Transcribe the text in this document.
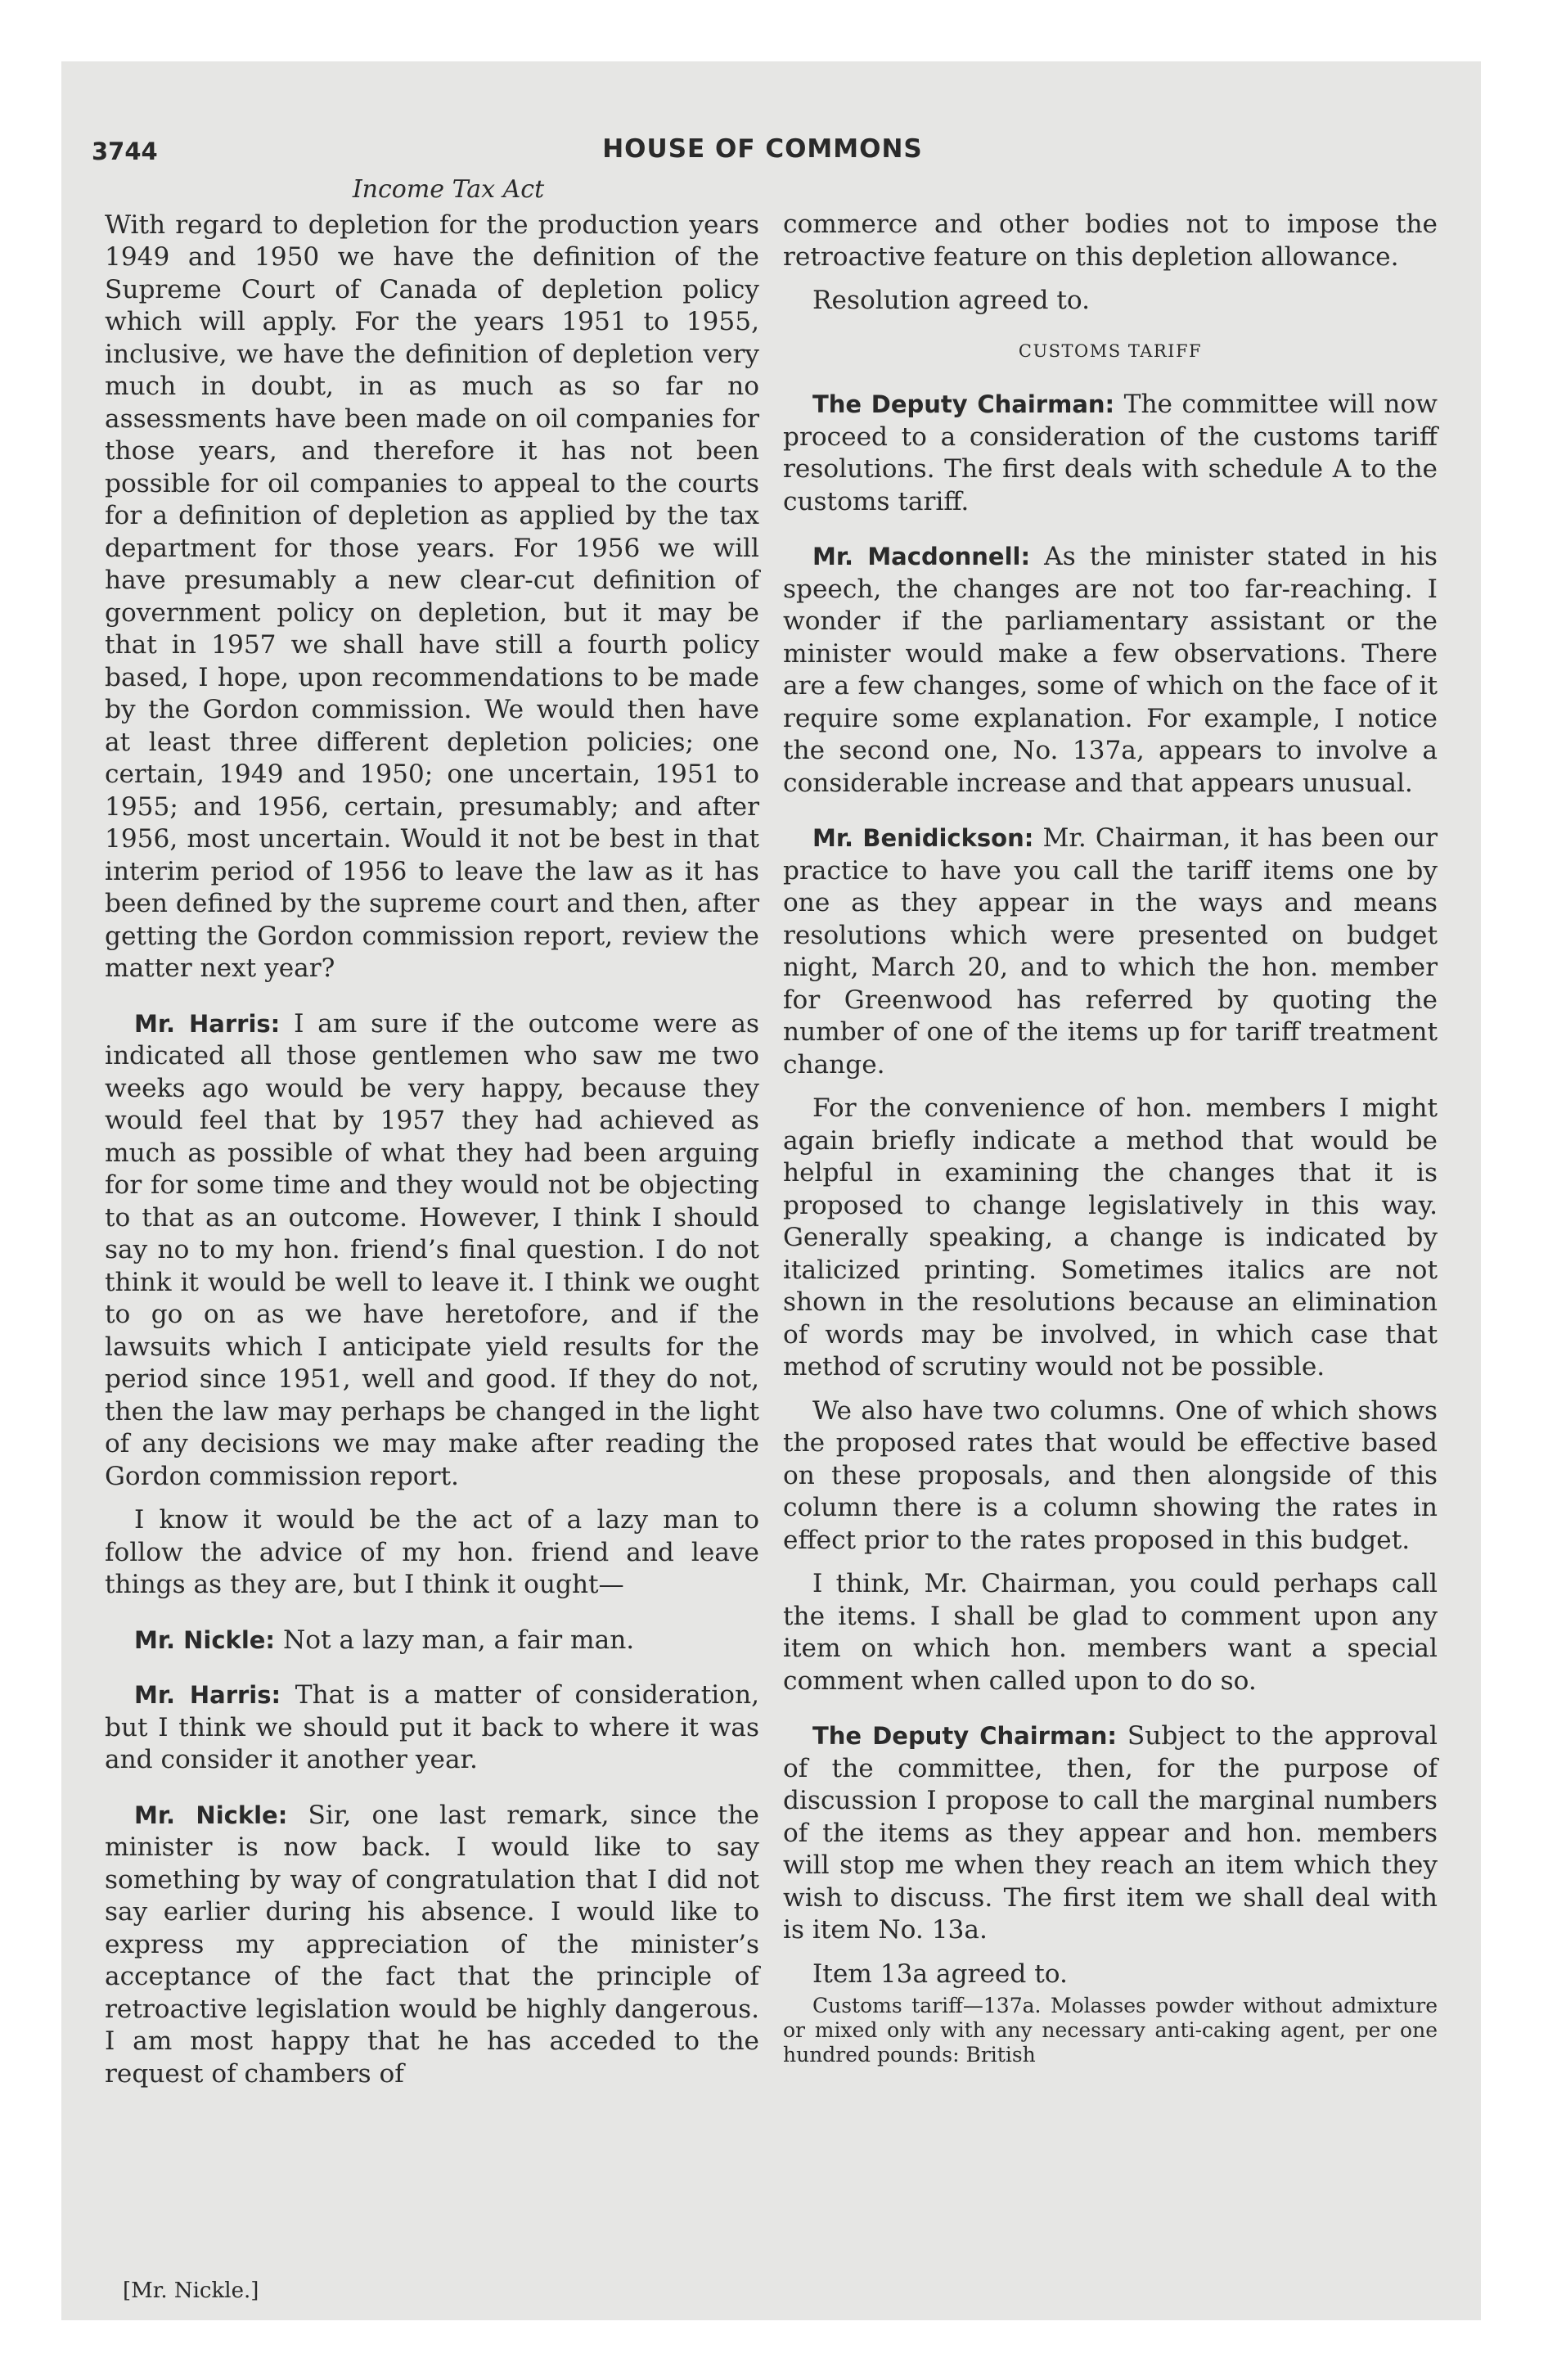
3744	HOUSE OF COMMONS
Income Tax Act

With regard to depletion for the production years 1949 and 1950 we have the definition of the Supreme Court of Canada of depletion policy which will apply. For the years 1951 to 1955, inclusive, we have the definition of depletion very much in doubt, in as much as so far no assessments have been made on oil companies for those years, and therefore it has not been possible for oil companies to appeal to the courts for a definition of depletion as applied by the tax department for those years. For 1956 we will have presumably a new clear-cut definition of government policy on depletion, but it may be that in 1957 we shall have still a fourth policy based, I hope, upon recommendations to be made by the Gordon commission. We would then have at least three different depletion policies; one certain, 1949 and 1950; one uncertain, 1951 to 1955; and 1956, certain, presumably; and after 1956, most uncertain. Would it not be best in that interim period of 1956 to leave the law as it has been defined by the supreme court and then, after getting the Gordon commission report, review the matter next year?

Mr. Harris: I am sure if the outcome were as indicated all those gentlemen who saw me two weeks ago would be very happy, because they would feel that by 1957 they had achieved as much as possible of what they had been arguing for for some time and they would not be objecting to that as an outcome. However, I think I should say no to my hon. friend’s final question. I do not think it would be well to leave it. I think we ought to go on as we have heretofore, and if the lawsuits which I anticipate yield results for the period since 1951, well and good. If they do not, then the law may perhaps be changed in the light of any decisions we may make after reading the Gordon commission report.

I know it would be the act of a lazy man to follow the advice of my hon. friend and leave things as they are, but I think it ought—

Mr. Nickle: Not a lazy man, a fair man.

Mr. Harris: That is a matter of consideration, but I think we should put it back to where it was and consider it another year.

Mr. Nickle: Sir, one last remark, since the minister is now back. I would like to say something by way of congratulation that I did not say earlier during his absence. I would like to express my appreciation of the minister’s acceptance of the fact that the principle of retroactive legislation would be highly dangerous. I am most happy that he has acceded to the request of chambers of

commerce and other bodies not to impose the retroactive feature on this depletion allowance.

Resolution agreed to.

CUSTOMS TARIFF

The Deputy Chairman: The committee will now proceed to a consideration of the customs tariff resolutions. The first deals with schedule A to the customs tariff.

Mr. Macdonnell: As the minister stated in his speech, the changes are not too far-reaching. I wonder if the parliamentary assistant or the minister would make a few observations. There are a few changes, some of which on the face of it require some explanation. For example, I notice the second one, No. 137a, appears to involve a considerable increase and that appears unusual.

Mr. Benidickson: Mr. Chairman, it has been our practice to have you call the tariff items one by one as they appear in the ways and means resolutions which were presented on budget night, March 20, and to which the hon. member for Greenwood has referred by quoting the number of one of the items up for tariff treatment change.

For the convenience of hon. members I might again briefly indicate a method that would be helpful in examining the changes that it is proposed to change legislatively in this way. Generally speaking, a change is indicated by italicized printing. Sometimes italics are not shown in the resolutions because an elimination of words may be involved, in which case that method of scrutiny would not be possible.

We also have two columns. One of which shows the proposed rates that would be effective based on these proposals, and then alongside of this column there is a column showing the rates in effect prior to the rates proposed in this budget.

I think, Mr. Chairman, you could perhaps call the items. I shall be glad to comment upon any item on which hon. members want a special comment when called upon to do so.

The Deputy Chairman: Subject to the approval of the committee, then, for the purpose of discussion I propose to call the marginal numbers of the items as they appear and hon. members will stop me when they reach an item which they wish to discuss. The first item we shall deal with is item No. 13a.

Item 13a agreed to.

Customs tariff—137a. Molasses powder without admixture or mixed only with any necessary anti-caking agent, per one hundred pounds: British

[Mr. Nickle.]
